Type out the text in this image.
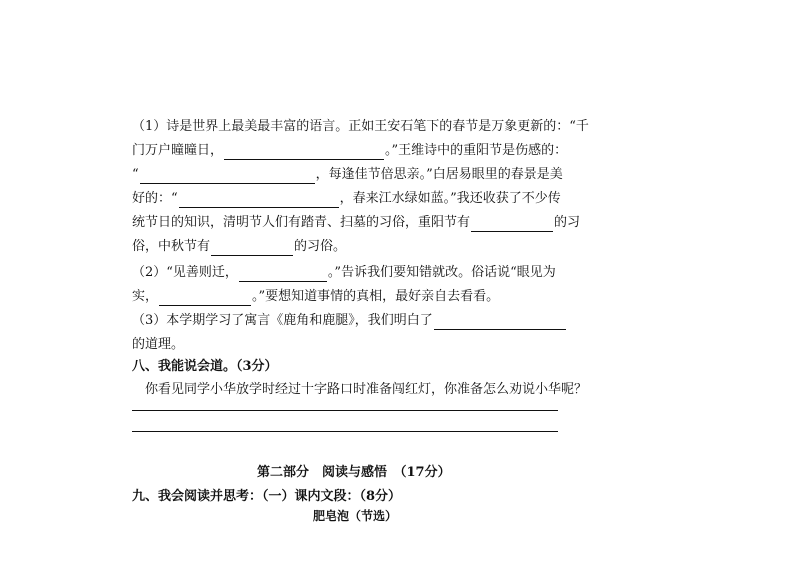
（1）诗是世界上最美最丰富的语言。正如王安石笔下的春节是万象更新的：“千
门万户曈曈日，	。”王维诗中的重阳节是伤感的：
“	，每逢佳节倍思亲。”白居易眼里的春景是美
好的：“	，春来江水绿如蓝。”我还收获了不少传
统节日的知识，清明节人们有踏青、扫墓的习俗，重阳节有	的习
俗，中秋节有	的习俗。
（2）“见善则迁，	。”告诉我们要知错就改。俗话说“眼见为
实，	。”要想知道事情的真相，最好亲自去看看。
（3）本学期学习了寓言《鹿角和鹿腿》，我们明白了
的道理。
八、我能说会道。（3分）
你看见同学小华放学时经过十字路口时准备闯红灯，你准备怎么劝说小华呢？
第二部分　阅读与感悟　（17分）
九、我会阅读并思考：（一）课内文段：（8分）
肥皂泡（节选）
